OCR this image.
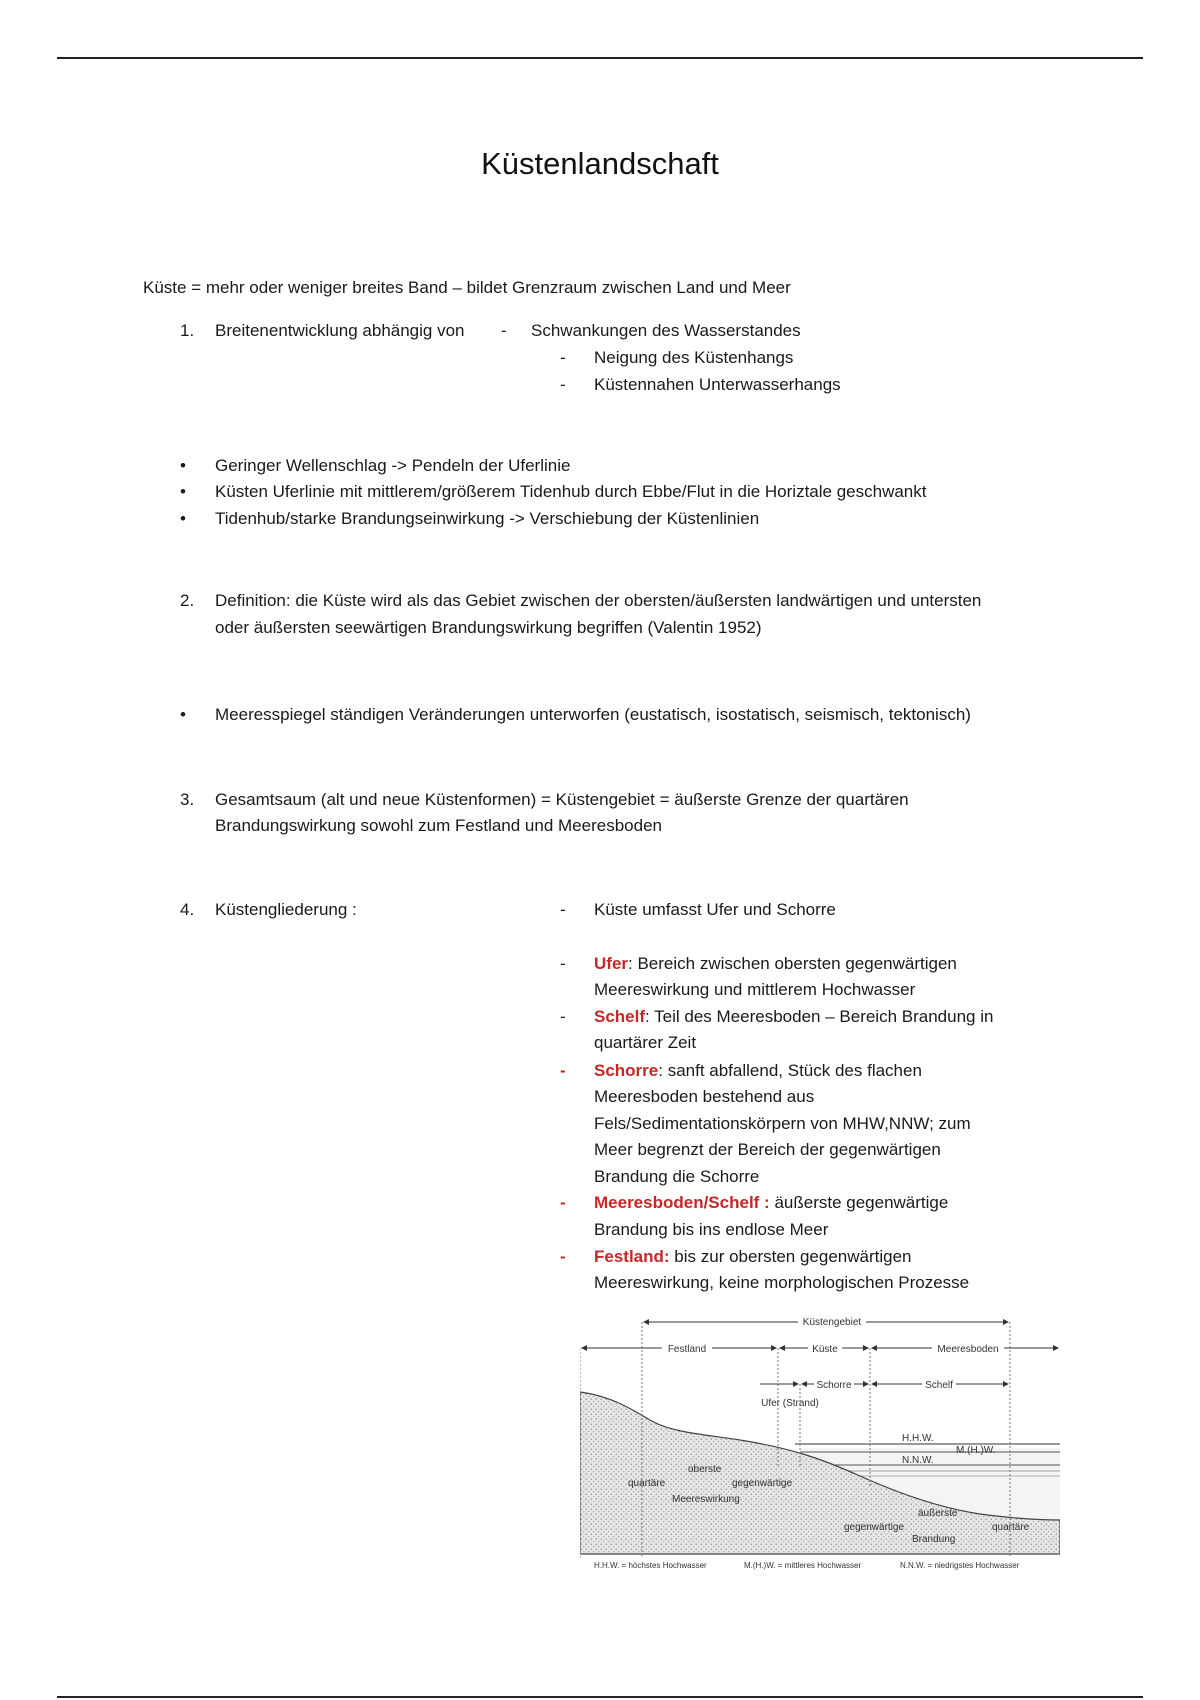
Küstenlandschaft
Küste = mehr oder weniger breites Band – bildet Grenzraum zwischen Land und Meer
1. Breitenentwicklung abhängig von - Schwankungen des Wasserstandes
- Neigung des Küstenhangs
- Küstennahen Unterwasserhangs
• Geringer Wellenschlag -> Pendeln der Uferlinie
• Küsten Uferlinie mit mittlerem/größerem Tidenhub durch Ebbe/Flut in die Horiztale geschwankt
• Tidenhub/starke Brandungseinwirkung -> Verschiebung der Küstenlinien
2. Definition: die Küste wird als das Gebiet zwischen der obersten/äußersten landwärtigen und untersten
oder äußersten seewärtigen Brandungswirkung begriffen (Valentin 1952)
• Meeresspiegel ständigen Veränderungen unterworfen (eustatisch, isostatisch, seismisch, tektonisch)
3. Gesamtsaum (alt und neue Küstenformen) = Küstengebiet = äußerste Grenze der quartären
Brandungswirkung sowohl zum Festland und Meeresboden
4. Küstengliederung :	- Küste umfasst Ufer und Schorre
- Ufer: Bereich zwischen obersten gegenwärtigen
Meereswirkung und mittlerem Hochwasser
- Schelf: Teil des Meeresboden – Bereich Brandung in
quartärer Zeit
- Schorre: sanft abfallend, Stück des flachen
Meeresboden bestehend aus
Fels/Sedimentationskörpern von MHW,NNW; zum
Meer begrenzt der Bereich der gegenwärtigen
Brandung die Schorre
- Meeresboden/Schelf : äußerste gegenwärtige
Brandung bis ins endlose Meer
- Festland: bis zur obersten gegenwärtigen
Meereswirkung, keine morphologischen Prozesse
Küstengebiet
Festland	Küste	Meeresboden
Schorre	Schelf
Ufer (Strand)
H.H.W.
M.(H.)W.
N.N.W.
quartäre
oberste
Meereswirkung
gegenwärtige
äußerste
gegenwärtige
Brandung
quartäre
H.H.W. = höchstes Hochwasser	M.(H.)W. = mittleres Hochwasser	N.N.W. = niedrigstes Hochwasser
